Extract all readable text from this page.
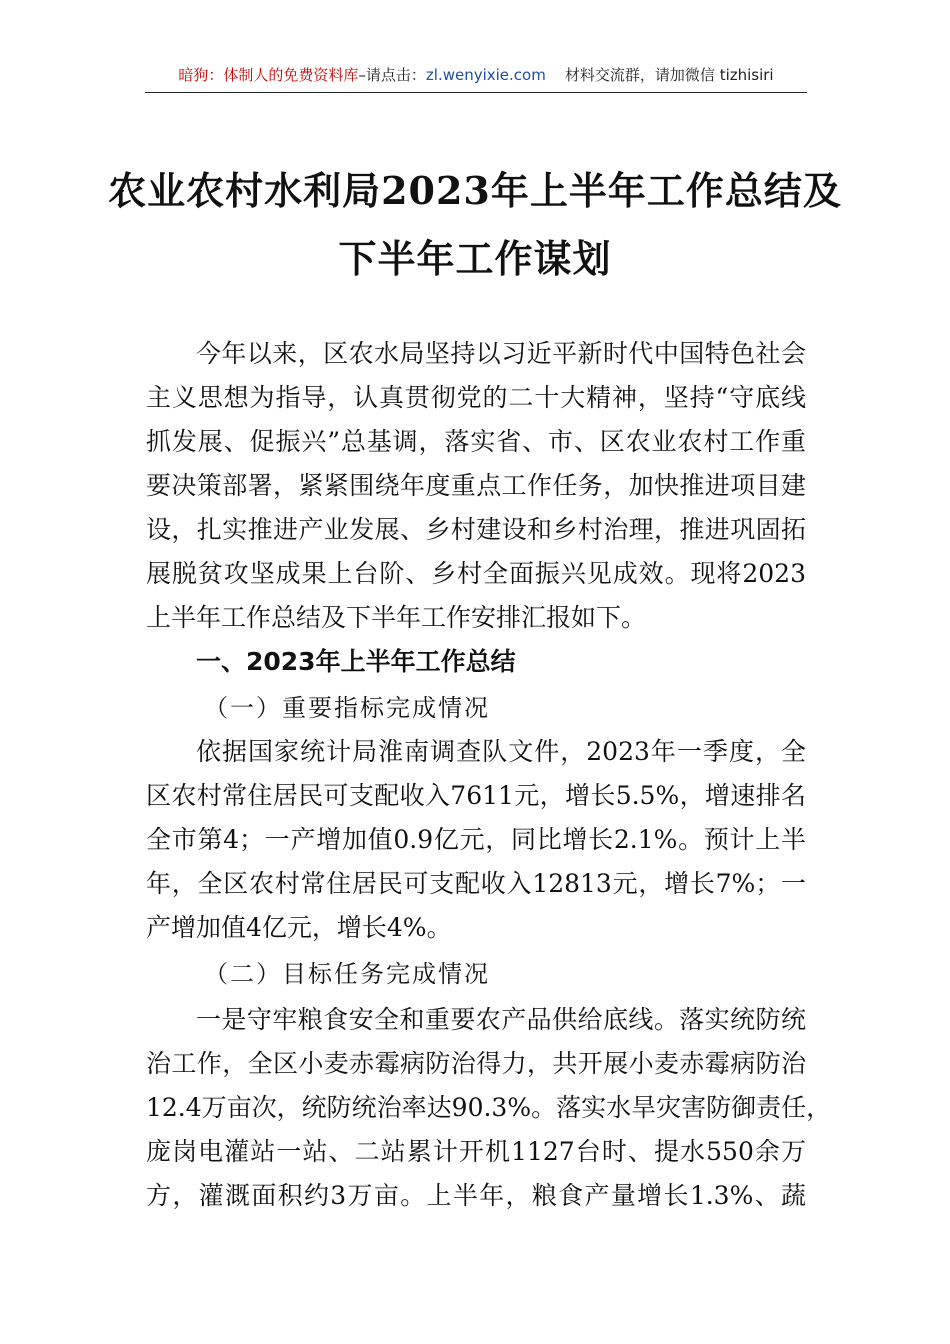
暗狗：体制人的免费资料库–请点击：zl.wenyixie.com 材料交流群，请加微信 tizhisiri
农业农村水利局2023年上半年工作总结及
下半年工作谋划
今年以来，区农水局坚持以习近平新时代中国特色社会
主义思想为指导，认真贯彻党的二十大精神，坚持“守底线
抓发展、促振兴”总基调，落实省、市、区农业农村工作重
要决策部署，紧紧围绕年度重点工作任务，加快推进项目建
设，扎实推进产业发展、乡村建设和乡村治理，推进巩固拓
展脱贫攻坚成果上台阶、乡村全面振兴见成效。现将2023
上半年工作总结及下半年工作安排汇报如下。
一、2023年上半年工作总结
（一）重要指标完成情况
依据国家统计局淮南调查队文件，2023年一季度，全
区农村常住居民可支配收入7611元，增长5.5%，增速排名
全市第4；一产增加值0.9亿元，同比增长2.1%。预计上半
年，全区农村常住居民可支配收入12813元，增长7%；一
产增加值4亿元，增长4%。
（二）目标任务完成情况
一是守牢粮食安全和重要农产品供给底线。落实统防统
治工作，全区小麦赤霉病防治得力，共开展小麦赤霉病防治
12.4万亩次，统防统治率达90.3%。落实水旱灾害防御责任，
庞岗电灌站一站、二站累计开机1127台时、提水550余万
方，灌溉面积约3万亩。上半年，粮食产量增长1.3%、蔬
